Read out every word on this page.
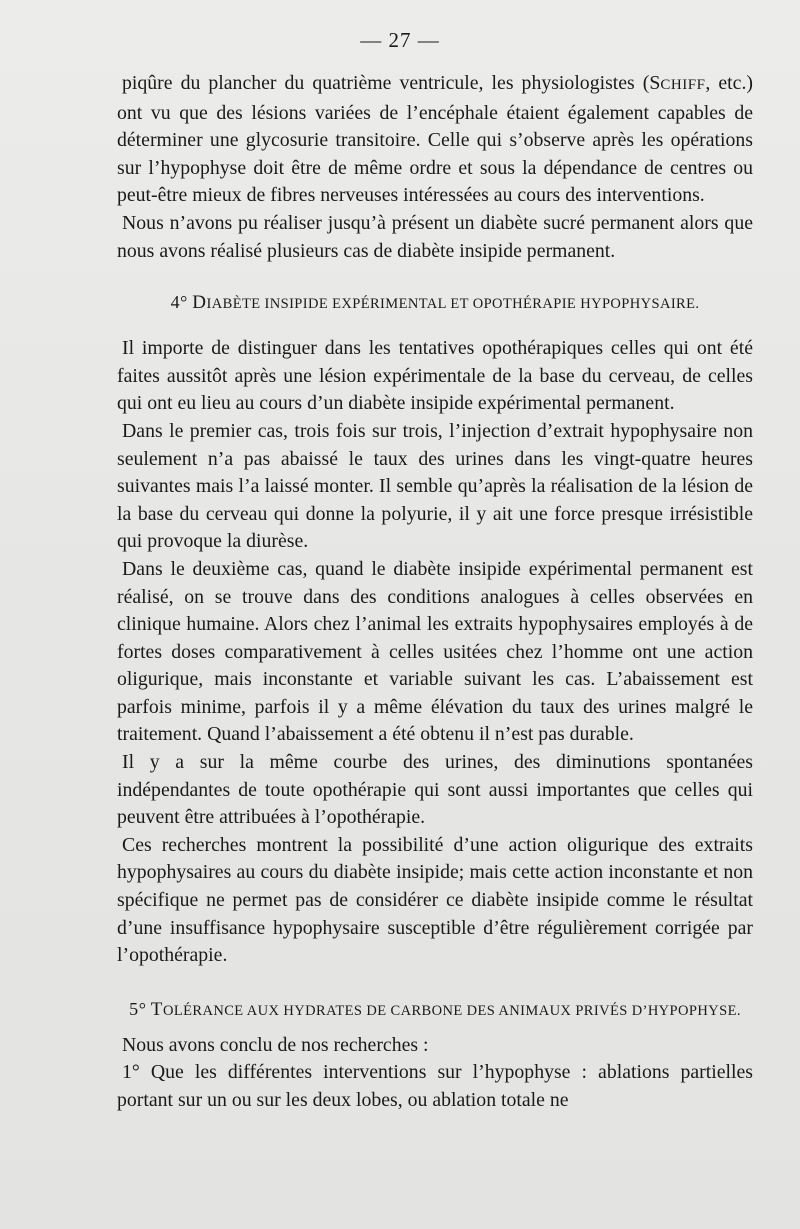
— 27 —

piqûre du plancher du quatrième ventricule, les physiologistes (SCHIFF, etc.) ont vu que des lésions variées de l’encéphale étaient également capables de déterminer une glycosurie transitoire. Celle qui s’observe après les opérations sur l’hypophyse doit être de même ordre et sous la dépendance de centres ou peut-être mieux de fibres nerveuses intéressées au cours des interventions.

Nous n’avons pu réaliser jusqu’à présent un diabète sucré permanent alors que nous avons réalisé plusieurs cas de diabète insipide permanent.

4° DIABÈTE INSIPIDE EXPÉRIMENTAL ET OPOTHÉRAPIE HYPOPHYSAIRE.

Il importe de distinguer dans les tentatives opothérapiques celles qui ont été faites aussitôt après une lésion expérimentale de la base du cerveau, de celles qui ont eu lieu au cours d’un diabète insipide expérimental permanent.

Dans le premier cas, trois fois sur trois, l’injection d’extrait hypophysaire non seulement n’a pas abaissé le taux des urines dans les vingt-quatre heures suivantes mais l’a laissé monter. Il semble qu’après la réalisation de la lésion de la base du cerveau qui donne la polyurie, il y ait une force presque irrésistible qui provoque la diurèse.

Dans le deuxième cas, quand le diabète insipide expérimental permanent est réalisé, on se trouve dans des conditions analogues à celles observées en clinique humaine. Alors chez l’animal les extraits hypophysaires employés à de fortes doses comparativement à celles usitées chez l’homme ont une action oligurique, mais inconstante et variable suivant les cas. L’abaissement est parfois minime, parfois il y a même élévation du taux des urines malgré le traitement. Quand l’abaissement a été obtenu il n’est pas durable.

Il y a sur la même courbe des urines, des diminutions spontanées indépendantes de toute opothérapie qui sont aussi importantes que celles qui peuvent être attribuées à l’opothérapie.

Ces recherches montrent la possibilité d’une action oligurique des extraits hypophysaires au cours du diabète insipide; mais cette action inconstante et non spécifique ne permet pas de considérer ce diabète insipide comme le résultat d’une insuffisance hypophysaire susceptible d’être régulièrement corrigée par l’opothérapie.

5° TOLÉRANCE AUX HYDRATES DE CARBONE DES ANIMAUX PRIVÉS D’HYPOPHYSE.

Nous avons conclu de nos recherches :

1° Que les différentes interventions sur l’hypophyse : ablations partielles portant sur un ou sur les deux lobes, ou ablation totale ne
